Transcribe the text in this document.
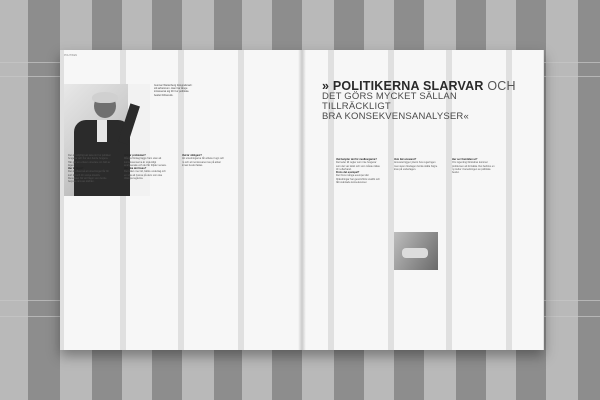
POLITIKEN
Gunnar Wetterberg fotograferad i sitt arbetsrum. Han har länge intresserat sig för hur politiska beslut förbereds.
Det är vidlyftigt att tala om hur politiken fungerar och hur den borde fungera. Här ger en erfaren utredare sin bild av läget.
Hur är läget?
Det är oftast så att utredningar får för kort tid och för snäva direktiv. Resultatet blir att frågor som borde belysas lämnas därhän.
Vad är problemet?
Många förslag läggs fram utan att konsekvenserna är ordentligt analyserade och det får följder senare.
Hur ska det lösas?
Det krävs mer tid, bättre underlag och en vilja att lyssna på dem som ska tillämpa reglerna.
Vad är viktigast?
Att utredningarna får arbeta i lugn och ro och att remissvaren tas på allvar innan beslut fattas.
» POLITIKERNA SLARVAR OCH
DET GÖRS MYCKET SÄLLAN TILLRÄCKLIGT
BRA KONSEKVENSANALYSER«
Vad betyder det för medborgarna?
Det leder till regler som inte fungerar som det var tänkt och som måste rättas till i efterhand.
Finns det exempel?
Det finns många exempel där förändringar har genomförts snabbt och fått oväntade konsekvenser.
Vem bär ansvaret?
Ansvaret ligger ytterst hos regeringen men även riksdagen borde ställa högre krav på underlagen.
Hur ser framtiden ut?
Om ingenting förändras kommer problemen att fortsätta. Det behövs en ny kultur i beredningen av politiska beslut.
